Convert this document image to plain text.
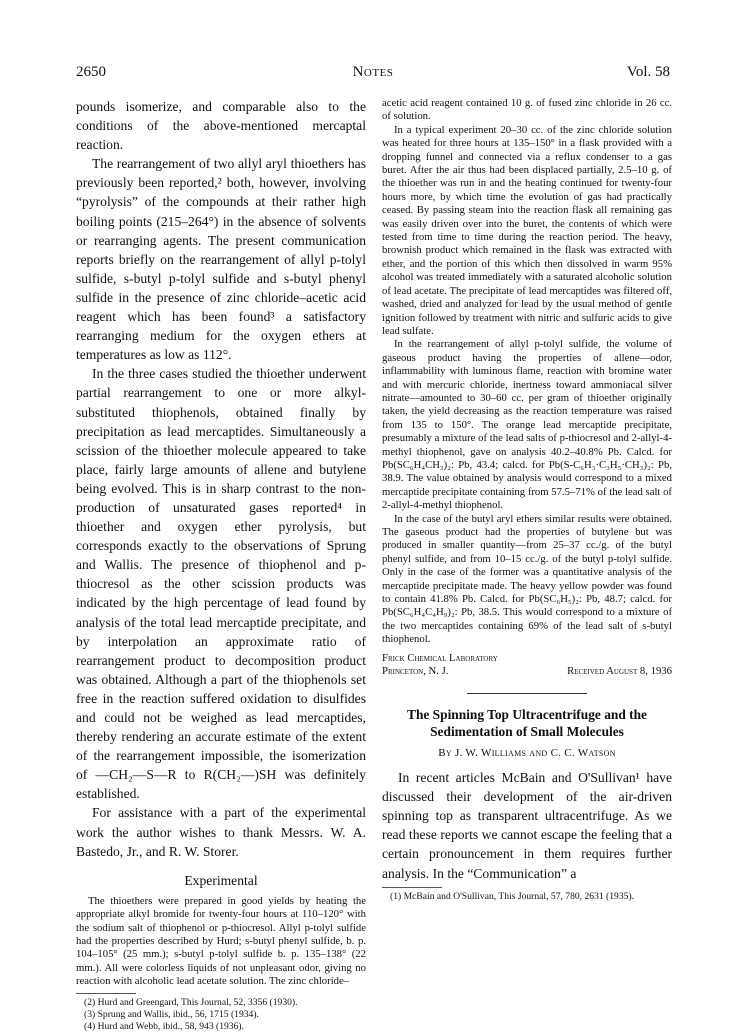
2650	Notes	Vol. 58

pounds isomerize, and comparable also to the conditions of the above-mentioned mercaptal reaction.

The rearrangement of two allyl aryl thioethers has previously been reported,² both, however, involving “pyrolysis” of the compounds at their rather high boiling points (215–264°) in the absence of solvents or rearranging agents. The present communication reports briefly on the rearrangement of allyl p-tolyl sulfide, s-butyl p-tolyl sulfide and s-butyl phenyl sulfide in the presence of zinc chloride–acetic acid reagent which has been found³ a satisfactory rearranging medium for the oxygen ethers at temperatures as low as 112°.

In the three cases studied the thioether underwent partial rearrangement to one or more alkyl-substituted thiophenols, obtained finally by precipitation as lead mercaptides. Simultaneously a scission of the thioether molecule appeared to take place, fairly large amounts of allene and butylene being evolved. This is in sharp contrast to the non-production of unsaturated gases reported⁴ in thioether and oxygen ether pyrolysis, but corresponds exactly to the observations of Sprung and Wallis. The presence of thiophenol and p-thiocresol as the other scission products was indicated by the high percentage of lead found by analysis of the total lead mercaptide precipitate, and by interpolation an approximate ratio of rearrangement product to decomposition product was obtained. Although a part of the thiophenols set free in the reaction suffered oxidation to disulfides and could not be weighed as lead mercaptides, thereby rendering an accurate estimate of the extent of the rearrangement impossible, the isomerization of —CH₂—S—R to R(CH₂—)SH was definitely established.

For assistance with a part of the experimental work the author wishes to thank Messrs. W. A. Bastedo, Jr., and R. W. Storer.

Experimental

The thioethers were prepared in good yields by heating the appropriate alkyl bromide for twenty-four hours at 110–120° with the sodium salt of thiophenol or p-thiocresol. Allyl p-tolyl sulfide had the properties described by Hurd; s-butyl phenyl sulfide, b. p. 104–105° (25 mm.); s-butyl p-tolyl sulfide b. p. 135–138° (22 mm.). All were colorless liquids of not unpleasant odor, giving no reaction with alcoholic lead acetate solution. The zinc chloride–

(2) Hurd and Greengard, This Journal, 52, 3356 (1930).

(3) Sprung and Wallis, ibid., 56, 1715 (1934).

(4) Hurd and Webb, ibid., 58, 943 (1936).

acetic acid reagent contained 10 g. of fused zinc chloride in 26 cc. of solution.

In a typical experiment 20–30 cc. of the zinc chloride solution was heated for three hours at 135–150° in a flask provided with a dropping funnel and connected via a reflux condenser to a gas buret. After the air thus had been displaced partially, 2.5–10 g. of the thioether was run in and the heating continued for twenty-four hours more, by which time the evolution of gas had practically ceased. By passing steam into the reaction flask all remaining gas was easily driven over into the buret, the contents of which were tested from time to time during the reaction period. The heavy, brownish product which remained in the flask was extracted with ether, and the portion of this which then dissolved in warm 95% alcohol was treated immediately with a saturated alcoholic solution of lead acetate. The precipitate of lead mercaptides was filtered off, washed, dried and analyzed for lead by the usual method of gentle ignition followed by treatment with nitric and sulfuric acids to give lead sulfate.

In the rearrangement of allyl p-tolyl sulfide, the volume of gaseous product having the properties of allene—odor, inflammability with luminous flame, reaction with bromine water and with mercuric chloride, inertness toward ammoniacal silver nitrate—amounted to 30–60 cc. per gram of thioether originally taken, the yield decreasing as the reaction temperature was raised from 135 to 150°. The orange lead mercaptide precipitate, presumably a mixture of the lead salts of p-thiocresol and 2-allyl-4-methyl thiophenol, gave on analysis 40.2–40.8% Pb. Calcd. for Pb(SC₆H₄CH₃)₂: Pb, 43.4; calcd. for Pb(S-C₆H₃·C₃H₅·CH₃)₂: Pb, 38.9. The value obtained by analysis would correspond to a mixed mercaptide precipitate containing from 57.5–71% of the lead salt of 2-allyl-4-methyl thiophenol.

In the case of the butyl aryl ethers similar results were obtained. The gaseous product had the properties of butylene but was produced in smaller quantity—from 25–37 cc./g. of the butyl phenyl sulfide, and from 10–15 cc./g. of the butyl p-tolyl sulfide. Only in the case of the former was a quantitative analysis of the mercaptide precipitate made. The heavy yellow powder was found to contain 41.8% Pb. Calcd. for Pb(SC₆H₅)₂: Pb, 48.7; calcd. for Pb(SC₆H₄C₄H₉)₂: Pb, 38.5. This would correspond to a mixture of the two mercaptides containing 69% of the lead salt of s-butyl thiophenol.

Frick Chemical Laboratory
Princeton, N. J.	Received August 8, 1936

The Spinning Top Ultracentrifuge and the Sedimentation of Small Molecules

By J. W. Williams and C. C. Watson

In recent articles McBain and O'Sullivan¹ have discussed their development of the air-driven spinning top as transparent ultracentrifuge. As we read these reports we cannot escape the feeling that a certain pronouncement in them requires further analysis. In the “Communication” a

(1) McBain and O'Sullivan, This Journal, 57, 780, 2631 (1935).
